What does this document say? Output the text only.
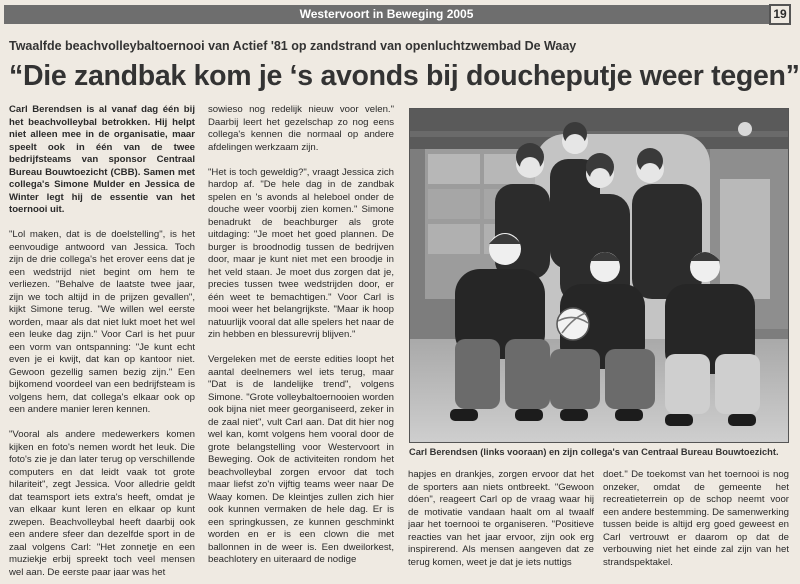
Westervoort in Beweging 2005	19
Twaalfde beachvolleybaltoernooi van Actief '81 op zandstrand van openluchtzwembad De Waay
“Die zandbak kom je ‘s avonds bij doucheputje weer tegen”

Carl Berendsen is al vanaf dag één bij het beachvolleybal betrokken. Hij helpt niet alleen mee in de organisatie, maar speelt ook in één van de twee bedrijfsteams van sponsor Centraal Bureau Bouwtoezicht (CBB). Samen met collega's Simone Mulder en Jessica de Winter legt hij de essentie van het toernooi uit.

"Lol maken, dat is de doelstelling", is het eenvoudige antwoord van Jessica. Toch zijn de drie collega's het erover eens dat je een wedstrijd niet begint om hem te verliezen. "Behalve de laatste twee jaar, zijn we toch altijd in de prijzen gevallen", kijkt Simone terug. "We willen wel eerste worden, maar als dat niet lukt moet het wel een leuke dag zijn." Voor Carl is het puur een vorm van ontspanning: "Je kunt echt even je ei kwijt, dat kan op kantoor niet. Gewoon gezellig samen bezig zijn." Een bijkomend voordeel van een bedrijfsteam is volgens hem, dat collega's elkaar ook op een andere manier leren kennen.

"Vooral als andere medewerkers komen kijken en foto's nemen wordt het leuk. Die foto's zie je dan later terug op verschillende computers en dat leidt vaak tot grote hilariteit", zegt Jessica. Voor alledrie geldt dat teamsport iets extra's heeft, omdat je van elkaar kunt leren en elkaar op kunt zwepen. Beachvolleybal heeft daarbij ook een andere sfeer dan dezelfde sport in de zaal volgens Carl: "Het zonnetje en een muziekje erbij spreekt toch veel mensen wel aan. De eerste paar jaar was het

sowieso nog redelijk nieuw voor velen." Daarbij leert het gezelschap zo nog eens collega's kennen die normaal op andere afdelingen werkzaam zijn.

"Het is toch geweldig?", vraagt Jessica zich hardop af. "De hele dag in de zandbak spelen en 's avonds al heleboel onder de douche weer voorbij zien komen." Simone benadrukt de beachburger als grote uitdaging: "Je moet het goed plannen. De burger is broodnodig tussen de bedrijven door, maar je kunt niet met een broodje in het veld staan. Je moet dus zorgen dat je, precies tussen twee wedstrijden door, er één weet te bemachtigen." Voor Carl is mooi weer het belangrijkste. "Maar ik hoop natuurlijk vooral dat alle spelers het naar de zin hebben en blessurevrij blijven."

Vergeleken met de eerste edities loopt het aantal deelnemers wel iets terug, maar "Dat is de landelijke trend", volgens Simone. "Grote volleybaltoernooien worden ook bijna niet meer georganiseerd, zeker in de zaal niet", vult Carl aan. Dat dit hier nog wel kan, komt volgens hem vooral door de grote belangstelling voor Westervoort in Beweging. Ook de activiteiten rondom het beachvolleybal zorgen ervoor dat toch maar liefst zo'n vijftig teams weer naar De Waay komen. De kleintjes zullen zich hier ook kunnen vermaken de hele dag. Er is een springkussen, ze kunnen geschminkt worden en er is een clown die met ballonnen in de weer is. Een dweilorkest, beachlotery en uiteraard de nodige

Carl Berendsen (links vooraan) en zijn collega's van Centraal Bureau Bouwtoezicht.

hapjes en drankjes, zorgen ervoor dat het de sporters aan niets ontbreekt. "Gewoon dóen", reageert Carl op de vraag waar hij de motivatie vandaan haalt om al twaalf jaar het toernooi te organiseren. "Positieve reacties van het jaar ervoor, zijn ook erg inspirerend. Als mensen aangeven dat ze terug komen, weet je dat je iets nuttigs

doet." De toekomst van het toernooi is nog onzeker, omdat de gemeente het recreatieterrein op de schop neemt voor een andere bestemming. De samenwerking tussen beide is altijd erg goed geweest en Carl vertrouwt er daarom op dat de verbouwing niet het einde zal zijn van het strandspektakel.
